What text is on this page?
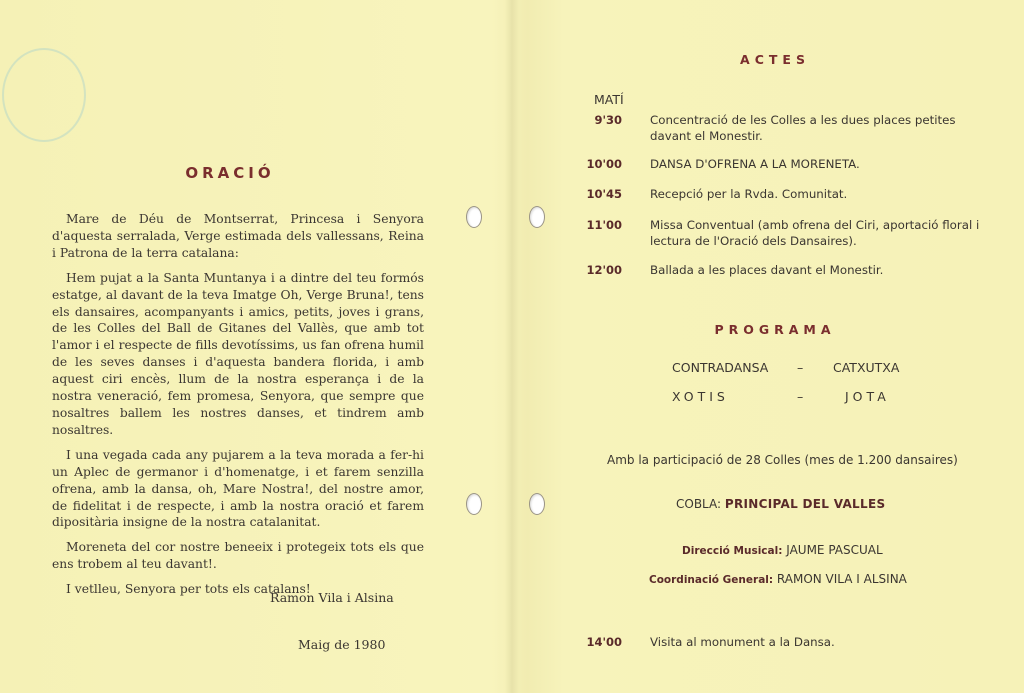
ORACIÓ

Mare de Déu de Montserrat, Princesa i Senyora d'aquesta serralada, Verge estimada dels vallessans, Reina i Patrona de la terra catalana:

Hem pujat a la Santa Muntanya i a dintre del teu formós estatge, al davant de la teva Imatge Oh, Verge Bruna!, tens els dansaires, acompanyants i amics, petits, joves i grans, de les Colles del Ball de Gitanes del Vallès, que amb tot l'amor i el respecte de fills devotíssims, us fan ofrena humil de les seves danses i d'aquesta bandera florida, i amb aquest ciri encès, llum de la nostra esperança i de la nostra veneració, fem promesa, Senyora, que sempre que nosaltres ballem les nostres danses, et tindrem amb nosaltres.

I una vegada cada any pujarem a la teva morada a fer-hi un Aplec de germanor i d'homenatge, i et farem senzilla ofrena, amb la dansa, oh, Mare Nostra!, del nostre amor, de fidelitat i de respecte, i amb la nostra oració et farem dipositària insigne de la nostra catalanitat.

Moreneta del cor nostre beneeix i protegeix tots els que ens trobem al teu davant!.

I vetlleu, Senyora per tots els catalans!

Ramon Vila i Alsina
Maig de 1980
ACTES
MATÍ
9'30 Concentració de les Colles a les dues places petites davant el Monestir.
10'00 DANSA D'OFRENA A LA MORENETA.
10'45 Recepció per la Rvda. Comunitat.
11'00 Missa Conventual (amb ofrena del Ciri, aportació floral i lectura de l'Oració dels Dansaires).
12'00 Ballada a les places davant el Monestir.
PROGRAMA
CONTRADANSA – CATXUTXA
XOTIS	–	JOTA
Amb la participació de 28 Colles (mes de 1.200 dansaires)
COBLA: PRINCIPAL DEL VALLES
Direcció Musical: JAUME PASCUAL
Coordinació General: RAMON VILA I ALSINA
14'00 Visita al monument a la Dansa.
